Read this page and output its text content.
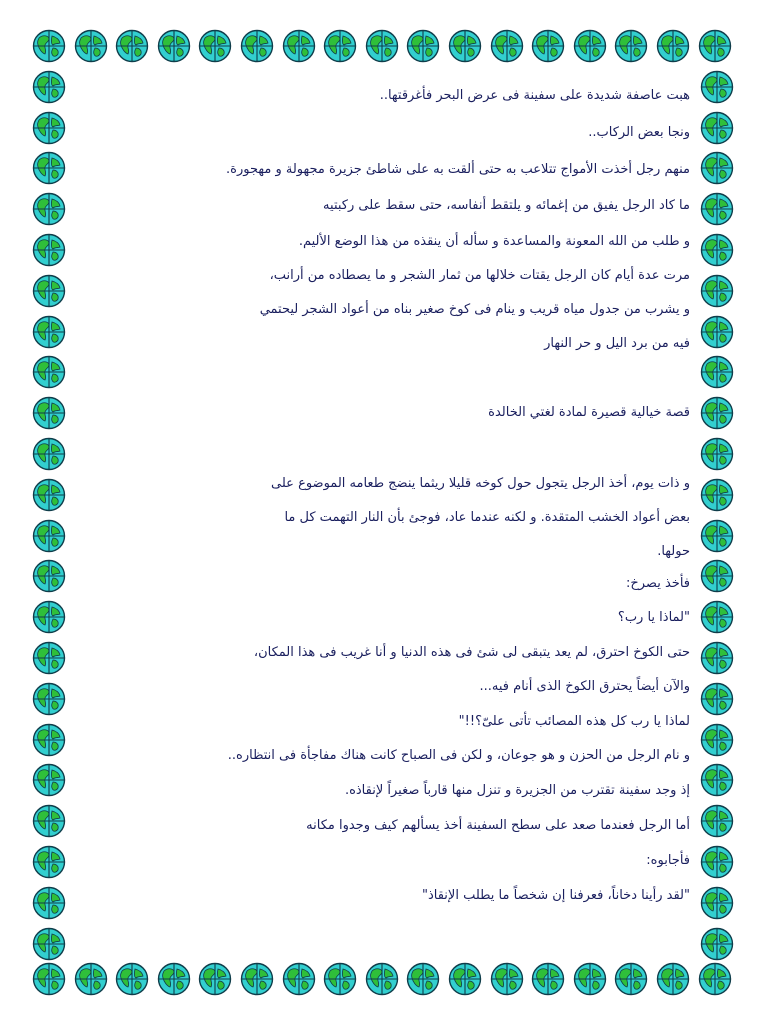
هبت عاصفة شديدة على سفينة فى عرض البحر فأغرقتها..
ونجا بعض الركاب..
منهم رجل أخذت الأمواج تتلاعب به حتى ألقت به على شاطئ جزيرة مجهولة و مهجورة.
ما كاد الرجل يفيق من إغمائه و يلتقط أنفاسه، حتى سقط على ركبتيه
و طلب من الله المعونة والمساعدة و سأله أن ينقذه من هذا الوضع الأليم.
مرت عدة أيام كان الرجل يقتات خلالها من ثمار الشجر و ما يصطاده من أرانب،
و يشرب من جدول مياه قريب و ينام فى كوخ صغير بناه من أعواد الشجر ليحتمي
فيه من برد اليل و حر النهار
قصة خيالية قصيرة لمادة لغتي الخالدة
و ذات يوم، أخذ الرجل يتجول حول كوخه قليلا ريثما ينضج طعامه الموضوع على
بعض أعواد الخشب المتقدة. و لكنه عندما عاد، فوجئ بأن النار التهمت كل ما
حولها.
فأخذ يصرخ:
"لماذا يا رب؟
حتى الكوخ احترق، لم يعد يتبقى لى شئ فى هذه الدنيا و أنا غريب فى هذا المكان،
والآن أيضاً يحترق الكوخ الذى أنام فيه...
لماذا يا رب كل هذه المصائب تأتى علىّ؟!!"
و نام الرجل من الحزن و هو جوعان، و لكن فى الصباح كانت هناك مفاجأة فى انتظاره..
إذ وجد سفينة تقترب من الجزيرة و تنزل منها قارباً صغيراً لإنقاذه.
أما الرجل فعندما صعد على سطح السفينة أخذ يسألهم كيف وجدوا مكانه
فأجابوه:
"لقد رأينا دخاناً، فعرفنا إن شخصاً ما يطلب الإنقاذ"
